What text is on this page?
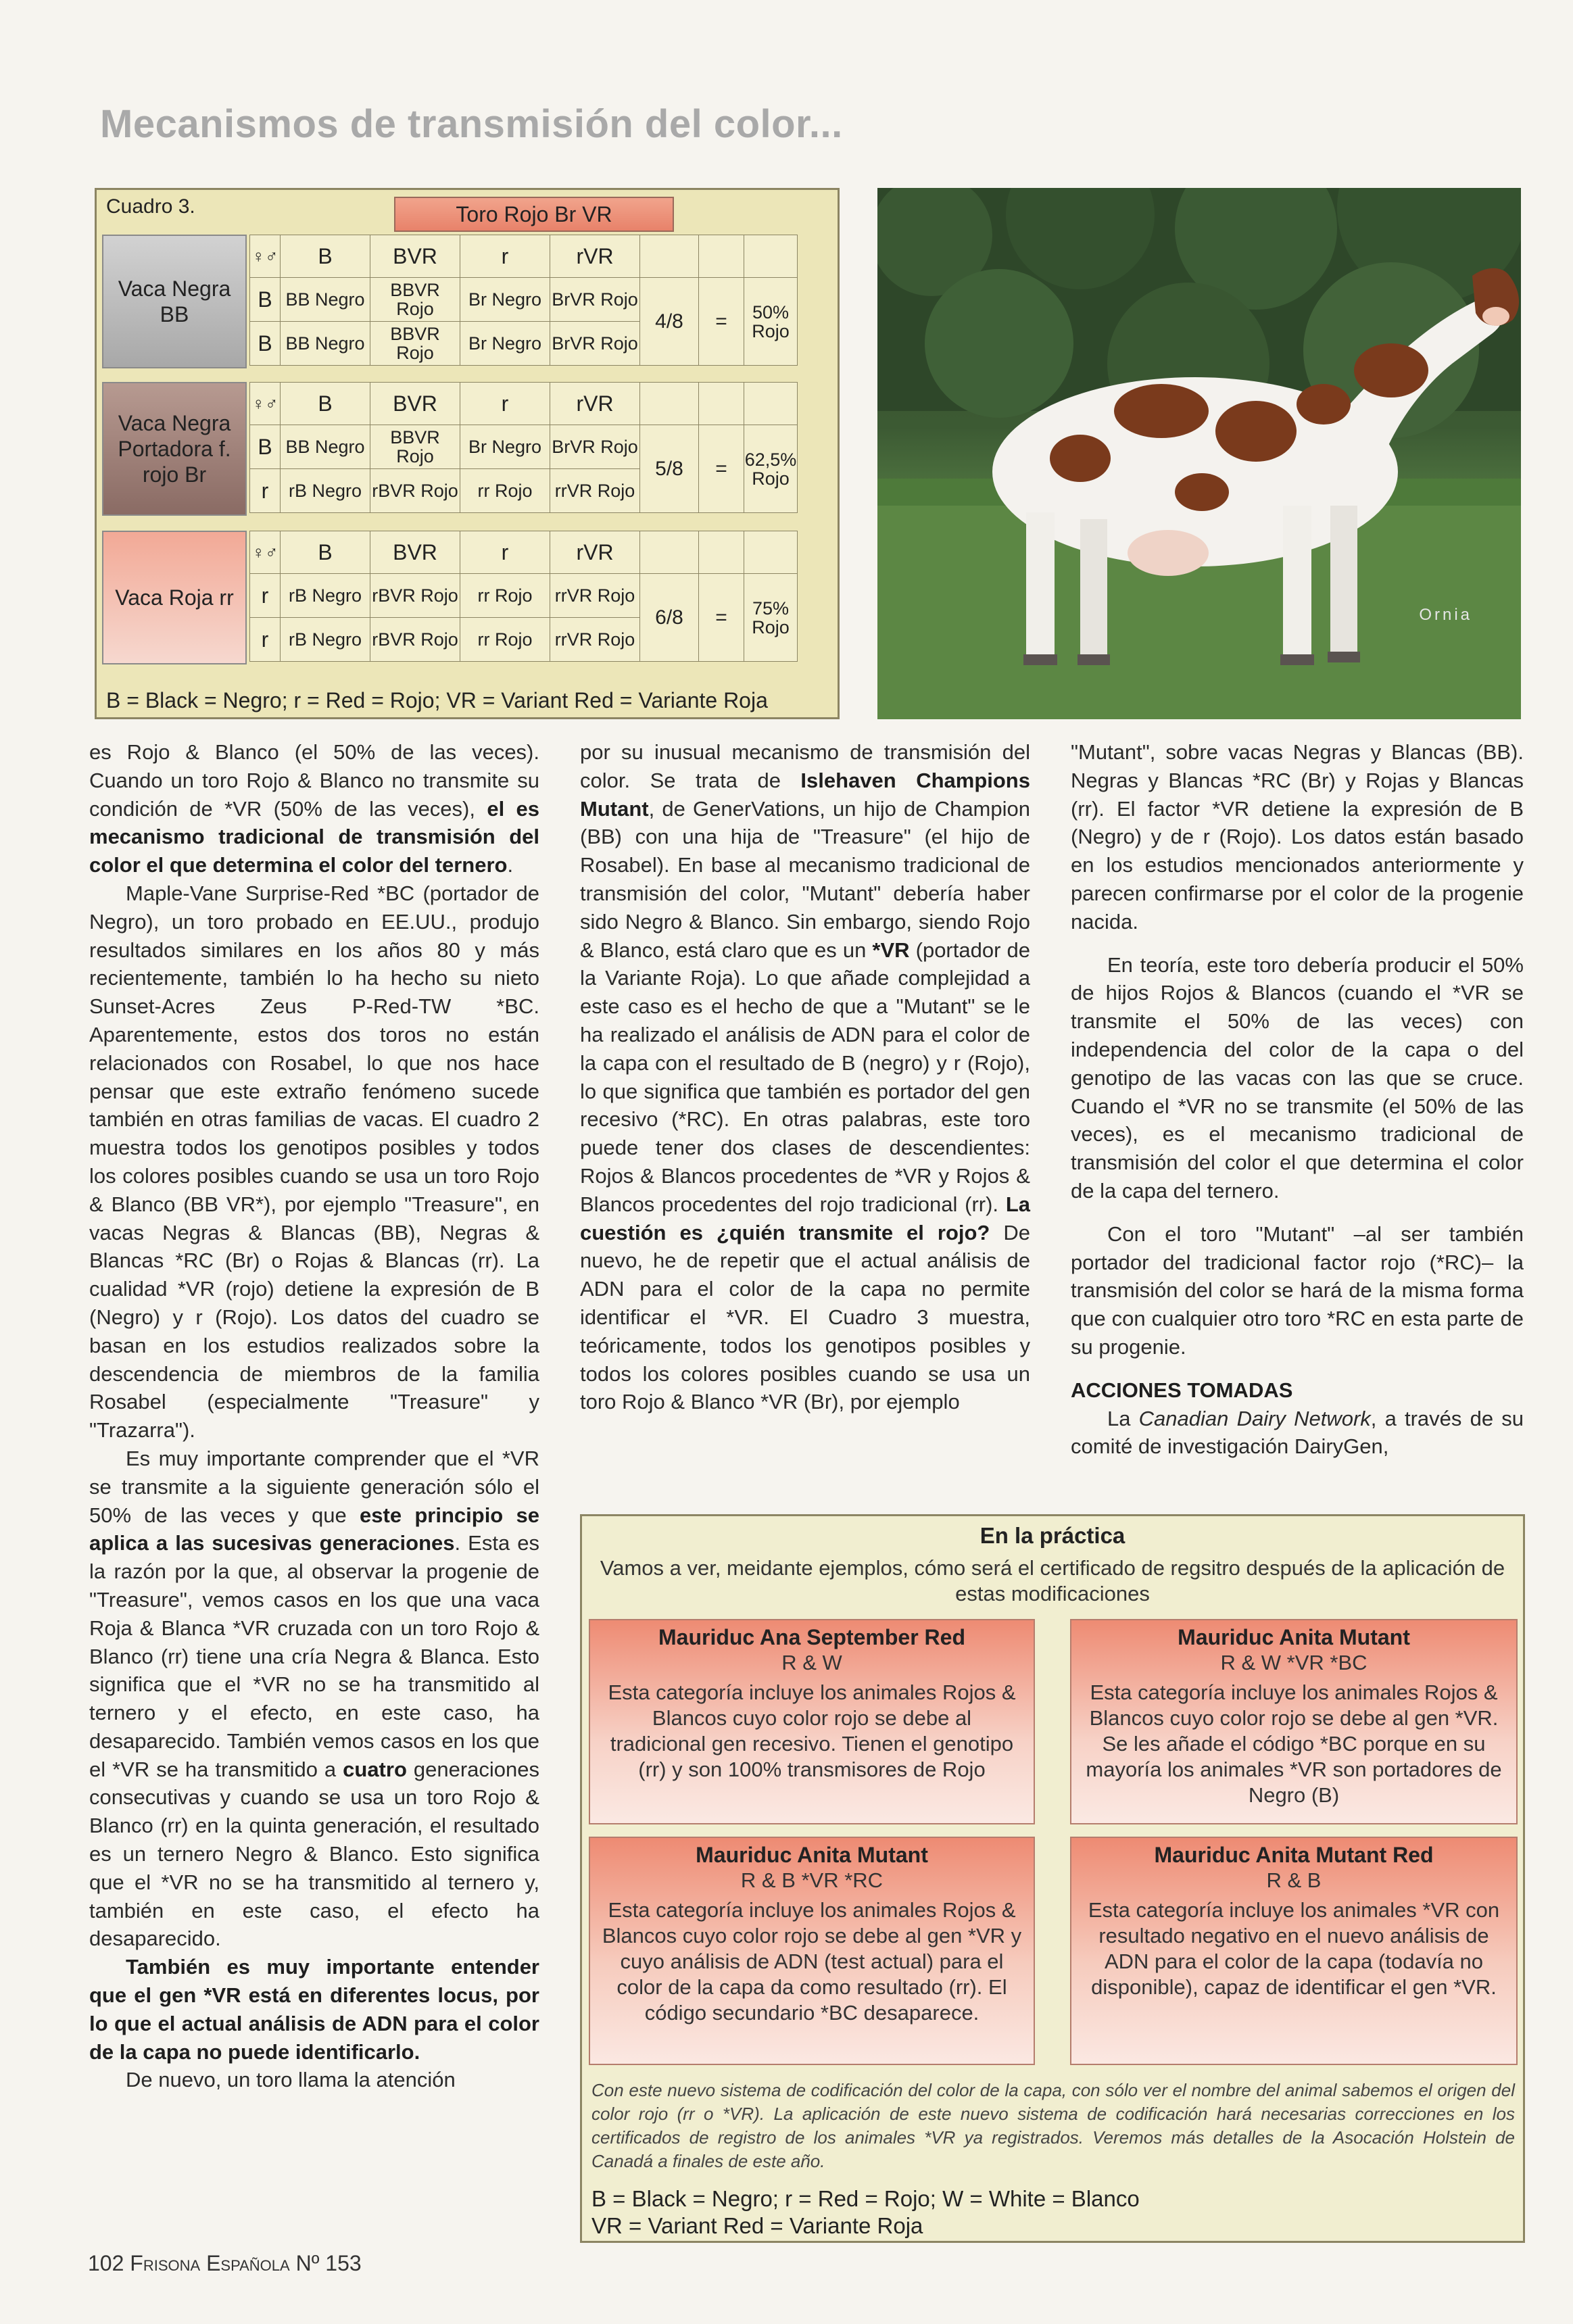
Mecanismos de transmisión del color...
Cuadro 3.	Toro Rojo Br VR
Vaca Negra BB
♀♂	B	BVR	r	rVR			
B	BB Negro	BBVR Rojo	Br Negro	BrVR Rojo	4/8	=	50% Rojo
B	BB Negro	BBVR Rojo	Br Negro	BrVR Rojo			
Vaca Negra Portadora f. rojo Br
♀♂	B	BVR	r	rVR			
B	BB Negro	BBVR Rojo	Br Negro	BrVR Rojo	5/8	=	62,5% Rojo
r	rB Negro	rBVR Rojo	rr Rojo	rrVR Rojo			
Vaca Roja rr
♀♂	B	BVR	r	rVR			
r	rB Negro	rBVR Rojo	rr Rojo	rrVR Rojo	6/8	=	75% Rojo
r	rB Negro	rBVR Rojo	rr Rojo	rrVR Rojo			
B = Black = Negro; r = Red = Rojo; VR = Variant Red = Variante Roja
Ornia

es Rojo & Blanco (el 50% de las veces). Cuando un toro Rojo & Blanco no transmite su condición de *VR (50% de las veces), el es mecanismo tradicional de transmisión del color el que determina el color del ternero.

Maple-Vane Surprise-Red *BC (portador de Negro), un toro probado en EE.UU., produjo resultados similares en los años 80 y más recientemente, también lo ha hecho su nieto Sunset-Acres Zeus P-Red-TW *BC. Aparentemente, estos dos toros no están relacionados con Rosabel, lo que nos hace pensar que este extraño fenómeno sucede también en otras familias de vacas. El cuadro 2 muestra todos los genotipos posibles y todos los colores posibles cuando se usa un toro Rojo & Blanco (BB VR*), por ejemplo "Treasure", en vacas Negras & Blancas (BB), Negras & Blancas *RC (Br) o Rojas & Blancas (rr). La cualidad *VR (rojo) detiene la expresión de B (Negro) y r (Rojo). Los datos del cuadro se basan en los estudios realizados sobre la descendencia de miembros de la familia Rosabel (especialmente "Treasure" y "Trazarra").

Es muy importante comprender que el *VR se transmite a la siguiente generación sólo el 50% de las veces y que este principio se aplica a las sucesivas generaciones. Esta es la razón por la que, al observar la progenie de "Treasure", vemos casos en los que una vaca Roja & Blanca *VR cruzada con un toro Rojo & Blanco (rr) tiene una cría Negra & Blanca. Esto significa que el *VR no se ha transmitido al ternero y el efecto, en este caso, ha desaparecido. También vemos casos en los que el *VR se ha transmitido a cuatro generaciones consecutivas y cuando se usa un toro Rojo & Blanco (rr) en la quinta generación, el resultado es un ternero Negro & Blanco. Esto significa que el *VR no se ha transmitido al ternero y, también en este caso, el efecto ha desaparecido.

También es muy importante entender que el gen *VR está en diferentes locus, por lo que el actual análisis de ADN para el color de la capa no puede identificarlo.

De nuevo, un toro llama la atención

por su inusual mecanismo de transmisión del color. Se trata de Islehaven Champions Mutant, de GenerVations, un hijo de Champion (BB) con una hija de "Treasure" (el hijo de Rosabel). En base al mecanismo tradicional de transmisión del color, "Mutant" debería haber sido Negro & Blanco. Sin embargo, siendo Rojo & Blanco, está claro que es un *VR (portador de la Variante Roja). Lo que añade complejidad a este caso es el hecho de que a "Mutant" se le ha realizado el análisis de ADN para el color de la capa con el resultado de B (negro) y r (Rojo), lo que significa que también es portador del gen recesivo (*RC). En otras palabras, este toro puede tener dos clases de descendientes: Rojos & Blancos procedentes de *VR y Rojos & Blancos procedentes del rojo tradicional (rr). La cuestión es ¿quién transmite el rojo? De nuevo, he de repetir que el actual análisis de ADN para el color de la capa no permite identificar el *VR. El Cuadro 3 muestra, teóricamente, todos los genotipos posibles y todos los colores posibles cuando se usa un toro Rojo & Blanco *VR (Br), por ejemplo

"Mutant", sobre vacas Negras y Blancas (BB). Negras y Blancas *RC (Br) y Rojas y Blancas (rr). El factor *VR detiene la expresión de B (Negro) y de r (Rojo). Los datos están basado en los estudios mencionados anteriormente y parecen confirmarse por el color de la progenie nacida.

En teoría, este toro debería producir el 50% de hijos Rojos & Blancos (cuando el *VR se transmite el 50% de las veces) con independencia del color de la capa o del genotipo de las vacas con las que se cruce. Cuando el *VR no se transmite (el 50% de las veces), es el mecanismo tradicional de transmisión del color el que determina el color de la capa del ternero.

Con el toro "Mutant" –al ser también portador del tradicional factor rojo (*RC)– la transmisión del color se hará de la misma forma que con cualquier otro toro *RC en esta parte de su progenie.

ACCIONES TOMADAS

La Canadian Dairy Network, a través de su comité de investigación DairyGen,

En la práctica
Vamos a ver, meidante ejemplos, cómo será el certificado de regsitro después de la aplicación de estas modificaciones
Mauriduc Ana September Red
R & W
Esta categoría incluye los animales Rojos & Blancos cuyo color rojo se debe al tradicional gen recesivo. Tienen el genotipo (rr) y son 100% transmisores de Rojo
Mauriduc Anita Mutant
R & W *VR *BC
Esta categoría incluye los animales Rojos & Blancos cuyo color rojo se debe al gen *VR. Se les añade el código *BC porque en su mayoría los animales *VR son portadores de Negro (B)
Mauriduc Anita Mutant
R & B *VR *RC
Esta categoría incluye los animales Rojos & Blancos cuyo color rojo se debe al gen *VR y cuyo análisis de ADN (test actual) para el color de la capa da como resultado (rr). El código secundario *BC desaparece.
Mauriduc Anita Mutant Red
R & B
Esta categoría incluye los animales *VR con resultado negativo en el nuevo análisis de ADN para el color de la capa (todavía no disponible), capaz de identificar el gen *VR.
Con este nuevo sistema de codificación del color de la capa, con sólo ver el nombre del animal sabemos el origen del color rojo (rr o *VR). La aplicación de este nuevo sistema de codificación hará necesarias correcciones en los certificados de registro de los animales *VR ya registrados. Veremos más detalles de la Asocación Holstein de Canadá a finales de este año.
B = Black = Negro; r = Red = Rojo; W = White = Blanco
VR = Variant Red = Variante Roja
102 Frisona Española Nº 153
